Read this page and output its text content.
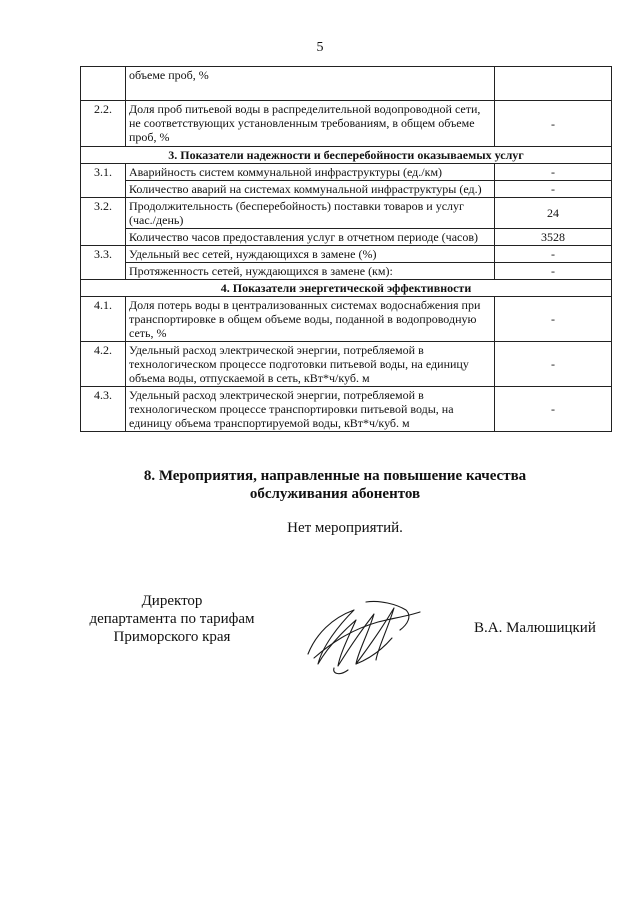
5
	объеме проб, %	
2.2.	Доля проб питьевой воды в распределительной водопроводной сети, не соответствующих установленным требованиям, в общем объеме проб, %	-
3. Показатели надежности и бесперебойности оказываемых услуг		
3.1.	Аварийность систем коммунальной инфраструктуры (ед./км)	-
	Количество аварий на системах коммунальной инфраструктуры (ед.)	-
3.2.	Продолжительность (бесперебойность) поставки товаров и услуг (час./день)	24
	Количество часов предоставления услуг в отчетном периоде (часов)	3528
3.3.	Удельный вес сетей, нуждающихся в замене (%)	-
	Протяженность сетей, нуждающихся в замене (км):	-
4. Показатели энергетической эффективности		
4.1.	Доля потерь воды в централизованных системах водоснабжения при транспортировке в общем объеме воды, поданной в водопроводную сеть, %	-
4.2.	Удельный расход электрической энергии, потребляемой в технологическом процессе подготовки питьевой воды, на единицу объема воды, отпускаемой в сеть, кВт*ч/куб. м	-
4.3.	Удельный расход электрической энергии, потребляемой в технологическом процессе транспортировки питьевой воды, на единицу объема транспортируемой воды, кВт*ч/куб. м	-
8. Мероприятия, направленные на повышение качества
обслуживания абонентов
Нет мероприятий.
Директор
департамента по тарифам
Приморского края
В.А. Малюшицкий
